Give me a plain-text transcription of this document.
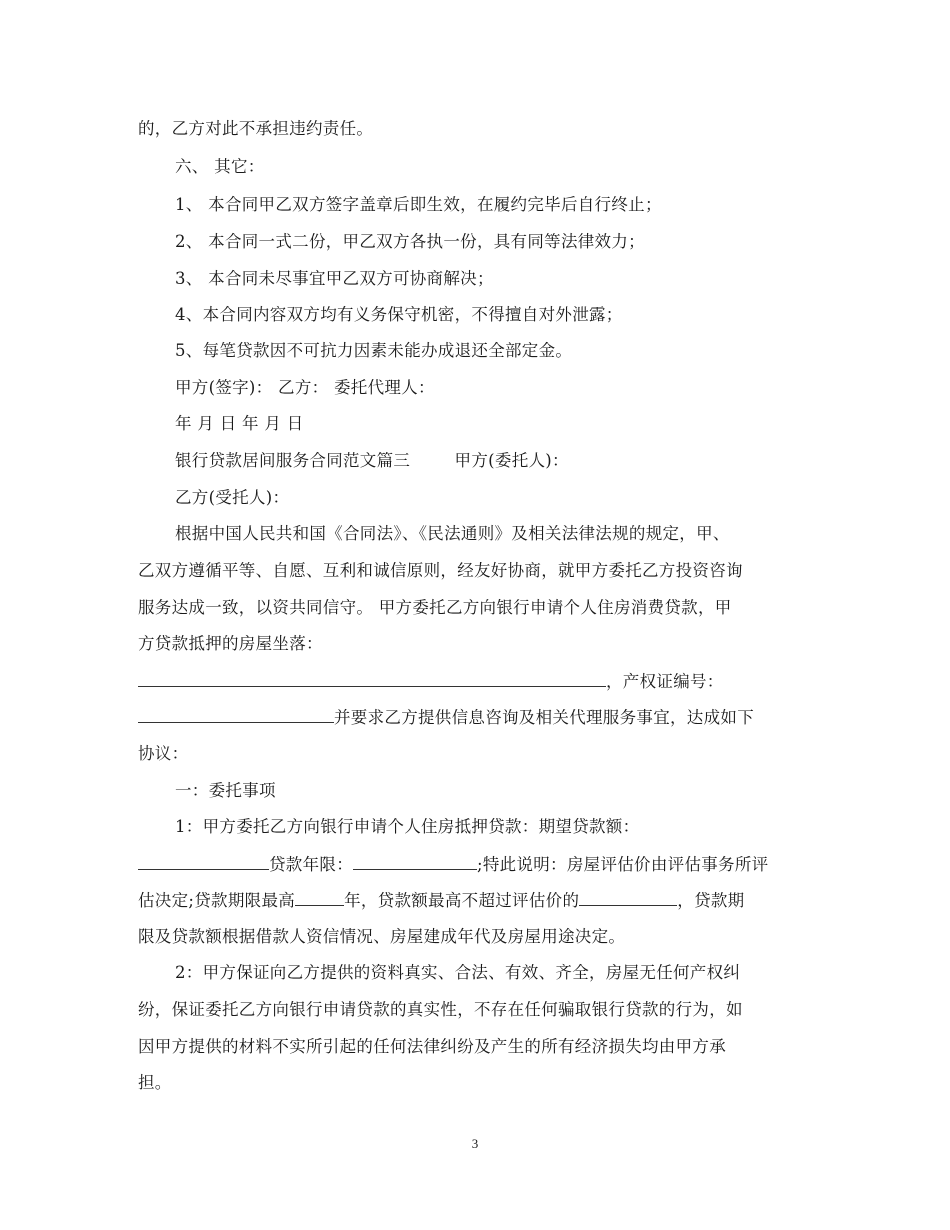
的，乙方对此不承担违约责任。
六、 其它：
1、 本合同甲乙双方签字盖章后即生效，在履约完毕后自行终止；
2、 本合同一式二份，甲乙双方各执一份，具有同等法律效力；
3、 本合同未尽事宜甲乙双方可协商解决；
4、本合同内容双方均有义务保守机密，不得擅自对外泄露；
5、每笔贷款因不可抗力因素未能办成退还全部定金。
甲方(签字)： 乙方： 委托代理人：
年 月 日 年 月 日
银行贷款居间服务合同范文篇三        甲方(委托人)：
乙方(受托人)：
根据中国人民共和国《合同法》、《民法通则》及相关法律法规的规定，甲、
乙双方遵循平等、自愿、互利和诚信原则，经友好协商，就甲方委托乙方投资咨询
服务达成一致，以资共同信守。 甲方委托乙方向银行申请个人住房消费贷款，甲
方贷款抵押的房屋坐落：
，产权证编号：
并要求乙方提供信息咨询及相关代理服务事宜，达成如下
协议：
一：委托事项
1：甲方委托乙方向银行申请个人住房抵押贷款：期望贷款额：
贷款年限：	;特此说明：房屋评估价由评估事务所评
估决定;贷款期限最高	年，贷款额最高不超过评估价的	，贷款期
限及贷款额根据借款人资信情况、房屋建成年代及房屋用途决定。
2：甲方保证向乙方提供的资料真实、合法、有效、齐全，房屋无任何产权纠
纷，保证委托乙方向银行申请贷款的真实性，不存在任何骗取银行贷款的行为，如
因甲方提供的材料不实所引起的任何法律纠纷及产生的所有经济损失均由甲方承
担。
3
